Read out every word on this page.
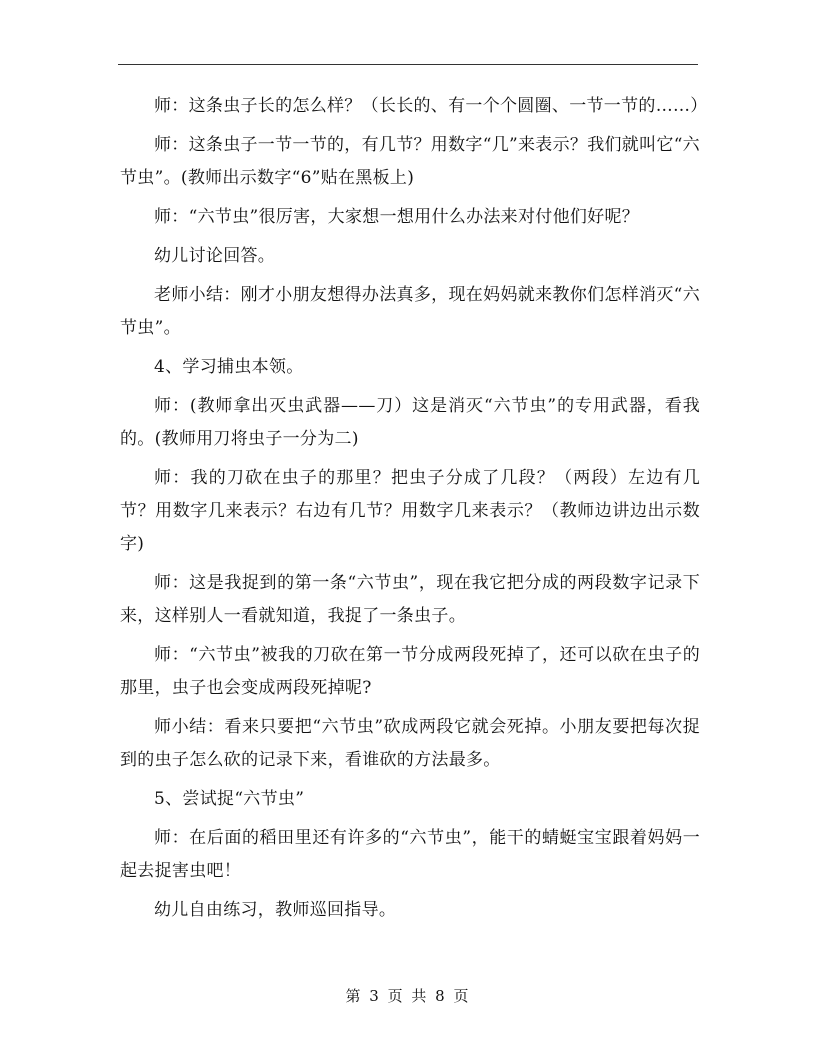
师：这条虫子长的怎么样？（长长的、有一个个圆圈、一节一节的……）

师：这条虫子一节一节的，有几节？用数字“几”来表示？我们就叫它“六节虫”。(教师出示数字“6”贴在黑板上)

师：“六节虫”很厉害，大家想一想用什么办法来对付他们好呢？

幼儿讨论回答。

老师小结：刚才小朋友想得办法真多，现在妈妈就来教你们怎样消灭“六节虫”。

4、学习捕虫本领。

师：(教师拿出灭虫武器——刀）这是消灭“六节虫”的专用武器，看我的。(教师用刀将虫子一分为二)

师：我的刀砍在虫子的那里？把虫子分成了几段？（两段）左边有几节？用数字几来表示？右边有几节？用数字几来表示？（教师边讲边出示数字)

师：这是我捉到的第一条“六节虫”，现在我它把分成的两段数字记录下来，这样别人一看就知道，我捉了一条虫子。

师：“六节虫”被我的刀砍在第一节分成两段死掉了，还可以砍在虫子的那里，虫子也会变成两段死掉呢?

师小结：看来只要把“六节虫”砍成两段它就会死掉。小朋友要把每次捉到的虫子怎么砍的记录下来，看谁砍的方法最多。

5、尝试捉“六节虫”

师：在后面的稻田里还有许多的“六节虫”，能干的蜻蜓宝宝跟着妈妈一起去捉害虫吧！

幼儿自由练习，教师巡回指导。

第 3 页 共 8 页
